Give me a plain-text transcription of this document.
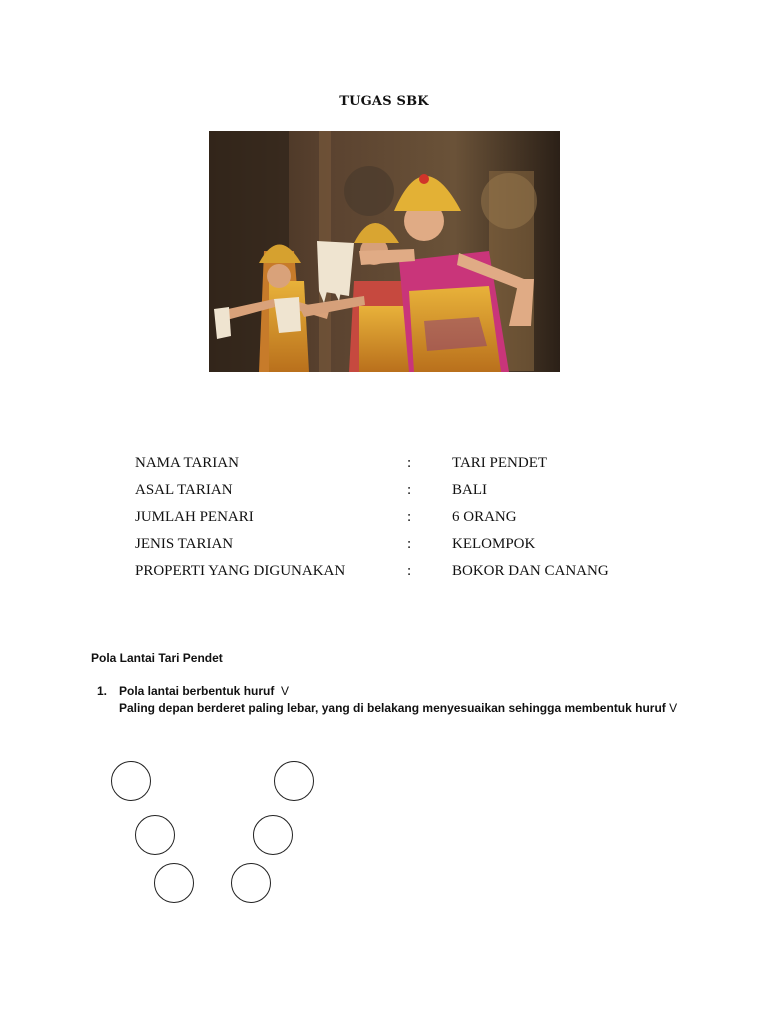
TUGAS SBK
NAMA TARIAN	:	TARI PENDET
ASAL TARIAN	:	BALI
JUMLAH PENARI	:	6 ORANG
JENIS TARIAN	:	KELOMPOK
PROPERTI YANG DIGUNAKAN	:	BOKOR DAN CANANG
Pola Lantai Tari Pendet
1. Pola lantai berbentuk huruf V
Paling depan berderet paling lebar, yang di belakang menyesuaikan sehingga membentuk huruf V
